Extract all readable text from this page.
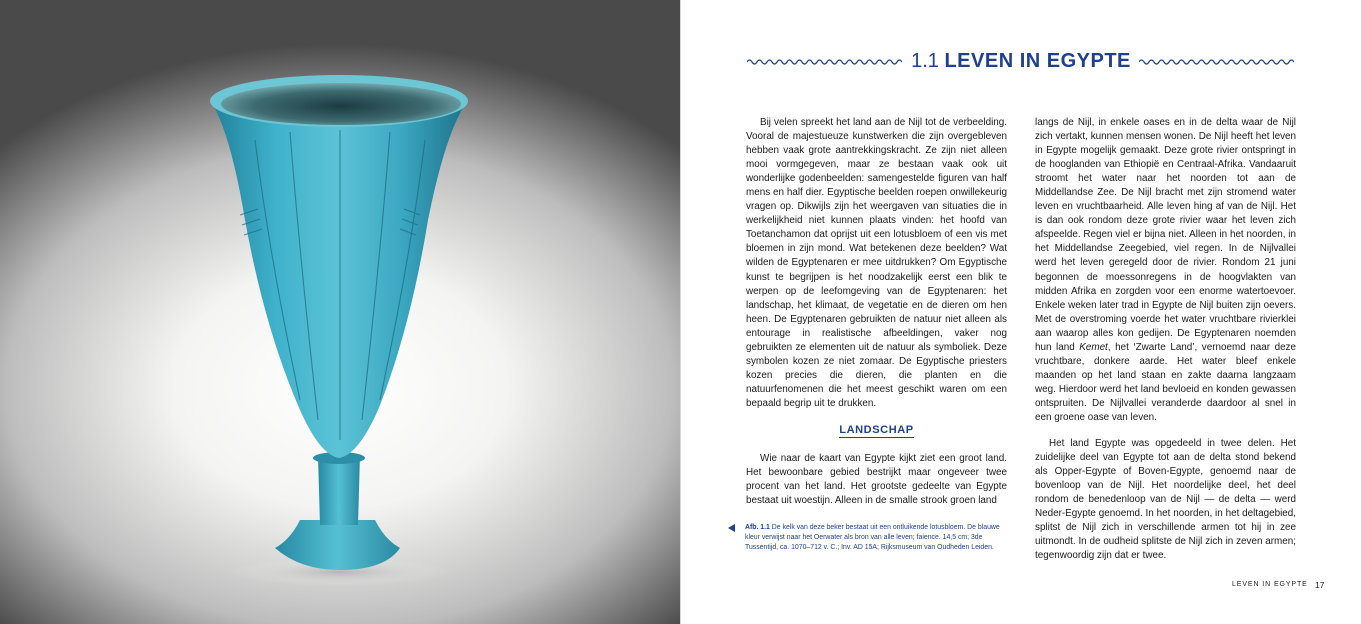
1.1 LEVEN IN EGYPTE

Bij velen spreekt het land aan de Nijl tot de verbeelding. Vooral de majestueuze kunstwerken die zijn overgebleven hebben vaak grote aantrekkingskracht. Ze zijn niet alleen mooi vormgegeven, maar ze bestaan vaak ook uit wonderlijke godenbeelden: samengestelde figuren van half mens en half dier. Egyptische beelden roepen onwillekeurig vragen op. Dikwijls zijn het weergaven van situaties die in werkelijkheid niet kunnen plaats vinden: het hoofd van Toetanchamon dat oprijst uit een lotusbloem of een vis met bloemen in zijn mond. Wat betekenen deze beelden? Wat wilden de Egyptenaren er mee uitdrukken? Om Egyptische kunst te begrijpen is het noodzakelijk eerst een blik te werpen op de leefomgeving van de Egyptenaren: het landschap, het klimaat, de vegetatie en de dieren om hen heen. De Egyptenaren gebruikten de natuur niet alleen als entourage in realistische afbeeldingen, vaker nog gebruikten ze elementen uit de natuur als symboliek. Deze symbolen kozen ze niet zomaar. De Egyptische priesters kozen precies die dieren, die planten en die natuurfenomenen die het meest geschikt waren om een bepaald begrip uit te drukken.

LANDSCHAP

Wie naar de kaart van Egypte kijkt ziet een groot land. Het bewoonbare gebied bestrijkt maar ongeveer twee procent van het land. Het grootste gedeelte van Egypte bestaat uit woestijn. Alleen in de smalle strook groen land

Afb. 1.1 De kelk van deze beker bestaat uit een ontluikende lotusbloem. De blauwe kleur verwijst naar het Oerwater als bron van alle leven; faience. 14,5 cm; 3de Tussentijd, ca. 1070–712 v. C.; Inv. AD 15A; Rijksmuseum van Oudheden Leiden.

langs de Nijl, in enkele oases en in de delta waar de Nijl zich vertakt, kunnen mensen wonen. De Nijl heeft het leven in Egypte mogelijk gemaakt. Deze grote rivier ontspringt in de hooglanden van Ethiopië en Centraal-Afrika. Vandaaruit stroomt het water naar het noorden tot aan de Middellandse Zee. De Nijl bracht met zijn stromend water leven en vruchtbaarheid. Alle leven hing af van de Nijl. Het is dan ook rondom deze grote rivier waar het leven zich afspeelde. Regen viel er bijna niet. Alleen in het noorden, in het Middellandse Zeegebied, viel regen. In de Nijlvallei werd het leven geregeld door de rivier. Rondom 21 juni begonnen de moessonregens in de hoogvlakten van midden Afrika en zorgden voor een enorme watertoevoer. Enkele weken later trad in Egypte de Nijl buiten zijn oevers. Met de overstroming voerde het water vruchtbare rivierklei aan waarop alles kon gedijen. De Egyptenaren noemden hun land Kemet, het ‘Zwarte Land’, vernoemd naar deze vruchtbare, donkere aarde. Het water bleef enkele maanden op het land staan en zakte daarna langzaam weg. Hierdoor werd het land bevloeid en konden gewassen ontspruiten. De Nijlvallei veranderde daardoor al snel in een groene oase van leven.

Het land Egypte was opgedeeld in twee delen. Het zuidelijke deel van Egypte tot aan de delta stond bekend als Opper-Egypte of Boven-Egypte, genoemd naar de bovenloop van de Nijl. Het noordelijke deel, het deel rondom de benedenloop van de Nijl — de delta — werd Neder-Egypte genoemd. In het noorden, in het deltagebied, splitst de Nijl zich in verschillende armen tot hij in zee uitmondt. In de oudheid splitste de Nijl zich in zeven armen; tegenwoordig zijn dat er twee.

LEVEN IN EGYPTE 17
